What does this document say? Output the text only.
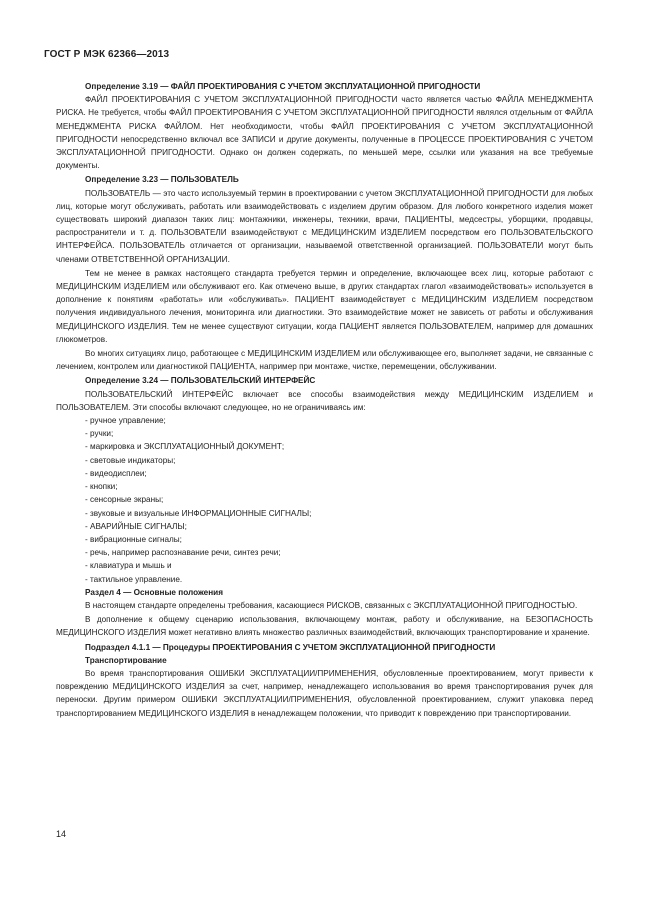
ГОСТ Р МЭК 62366—2013

Определение 3.19 — ФАЙЛ ПРОЕКТИРОВАНИЯ С УЧЕТОМ ЭКСПЛУАТАЦИОННОЙ ПРИГОДНОСТИ

ФАЙЛ ПРОЕКТИРОВАНИЯ С УЧЕТОМ ЭКСПЛУАТАЦИОННОЙ ПРИГОДНОСТИ часто является частью ФАЙЛА МЕНЕДЖМЕНТА РИСКА. Не требуется, чтобы ФАЙЛ ПРОЕКТИРОВАНИЯ С УЧЕТОМ ЭКСПЛУАТАЦИОННОЙ ПРИГОДНОСТИ являлся отдельным от ФАЙЛА МЕНЕДЖМЕНТА РИСКА ФАЙЛОМ. Нет необходимости, чтобы ФАЙЛ ПРОЕКТИРОВАНИЯ С УЧЕТОМ ЭКСПЛУАТАЦИОННОЙ ПРИГОДНОСТИ непосредственно включал все ЗАПИСИ и другие документы, полученные в ПРОЦЕССЕ ПРОЕКТИРОВАНИЯ С УЧЕТОМ ЭКСПЛУАТАЦИОННОЙ ПРИГОДНОСТИ. Однако он должен содержать, по меньшей мере, ссылки или указания на все требуемые документы.

Определение 3.23 — ПОЛЬЗОВАТЕЛЬ

ПОЛЬЗОВАТЕЛЬ — это часто используемый термин в проектировании с учетом ЭКСПЛУАТАЦИОННОЙ ПРИГОДНОСТИ для любых лиц, которые могут обслуживать, работать или взаимодействовать с изделием другим образом. Для любого конкретного изделия может существовать широкий диапазон таких лиц: монтажники, инженеры, техники, врачи, ПАЦИЕНТЫ, медсестры, уборщики, продавцы, распространители и т. д. ПОЛЬЗОВАТЕЛИ взаимодействуют с МЕДИЦИНСКИМ ИЗДЕЛИЕМ посредством его ПОЛЬЗОВАТЕЛЬСКОГО ИНТЕРФЕЙСА. ПОЛЬЗОВАТЕЛЬ отличается от организации, называемой ответственной организацией. ПОЛЬЗОВАТЕЛИ могут быть членами ОТВЕТСТВЕННОЙ ОРГАНИЗАЦИИ.

Тем не менее в рамках настоящего стандарта требуется термин и определение, включающее всех лиц, которые работают с МЕДИЦИНСКИМ ИЗДЕЛИЕМ или обслуживают его. Как отмечено выше, в других стандартах глагол «взаимодействовать» используется в дополнение к понятиям «работать» или «обслуживать». ПАЦИЕНТ взаимодействует с МЕДИЦИНСКИМ ИЗДЕЛИЕМ посредством получения индивидуального лечения, мониторинга или диагностики. Это взаимодействие может не зависеть от работы и обслуживания МЕДИЦИНСКОГО ИЗДЕЛИЯ. Тем не менее существуют ситуации, когда ПАЦИЕНТ является ПОЛЬЗОВАТЕЛЕМ, например для домашних глюкометров.

Во многих ситуациях лицо, работающее с МЕДИЦИНСКИМ ИЗДЕЛИЕМ или обслуживающее его, выполняет задачи, не связанные с лечением, контролем или диагностикой ПАЦИЕНТА, например при монтаже, чистке, перемещении, обслуживании.

Определение 3.24 — ПОЛЬЗОВАТЕЛЬСКИЙ ИНТЕРФЕЙС

ПОЛЬЗОВАТЕЛЬСКИЙ ИНТЕРФЕЙС включает все способы взаимодействия между МЕДИЦИНСКИМ ИЗДЕЛИЕМ и ПОЛЬЗОВАТЕЛЕМ. Эти способы включают следующее, но не ограничиваясь им:

- ручное управление;

- ручки;

- маркировка и ЭКСПЛУАТАЦИОННЫЙ ДОКУМЕНТ;

- световые индикаторы;

- видеодисплеи;

- кнопки;

- сенсорные экраны;

- звуковые и визуальные ИНФОРМАЦИОННЫЕ СИГНАЛЫ;

- АВАРИЙНЫЕ СИГНАЛЫ;

- вибрационные сигналы;

- речь, например распознавание речи, синтез речи;

- клавиатура и мышь и

- тактильное управление.

Раздел 4 — Основные положения

В настоящем стандарте определены требования, касающиеся РИСКОВ, связанных с ЭКСПЛУАТАЦИОННОЙ ПРИГОДНОСТЬЮ.

В дополнение к общему сценарию использования, включающему монтаж, работу и обслуживание, на БЕЗОПАСНОСТЬ МЕДИЦИНСКОГО ИЗДЕЛИЯ может негативно влиять множество различных взаимодействий, включающих транспортирование и хранение.

Подраздел 4.1.1 — Процедуры ПРОЕКТИРОВАНИЯ С УЧЕТОМ ЭКСПЛУАТАЦИОННОЙ ПРИГОДНОСТИ

Транспортирование

Во время транспортирования ОШИБКИ ЭКСПЛУАТАЦИИ/ПРИМЕНЕНИЯ, обусловленные проектированием, могут привести к повреждению МЕДИЦИНСКОГО ИЗДЕЛИЯ за счет, например, ненадлежащего использования во время транспортирования ручек для переноски. Другим примером ОШИБКИ ЭКСПЛУАТАЦИИ/ПРИМЕНЕНИЯ, обусловленной проектированием, служит упаковка перед транспортированием МЕДИЦИНСКОГО ИЗДЕЛИЯ в ненадлежащем положении, что приводит к повреждению при транспортировании.

14
